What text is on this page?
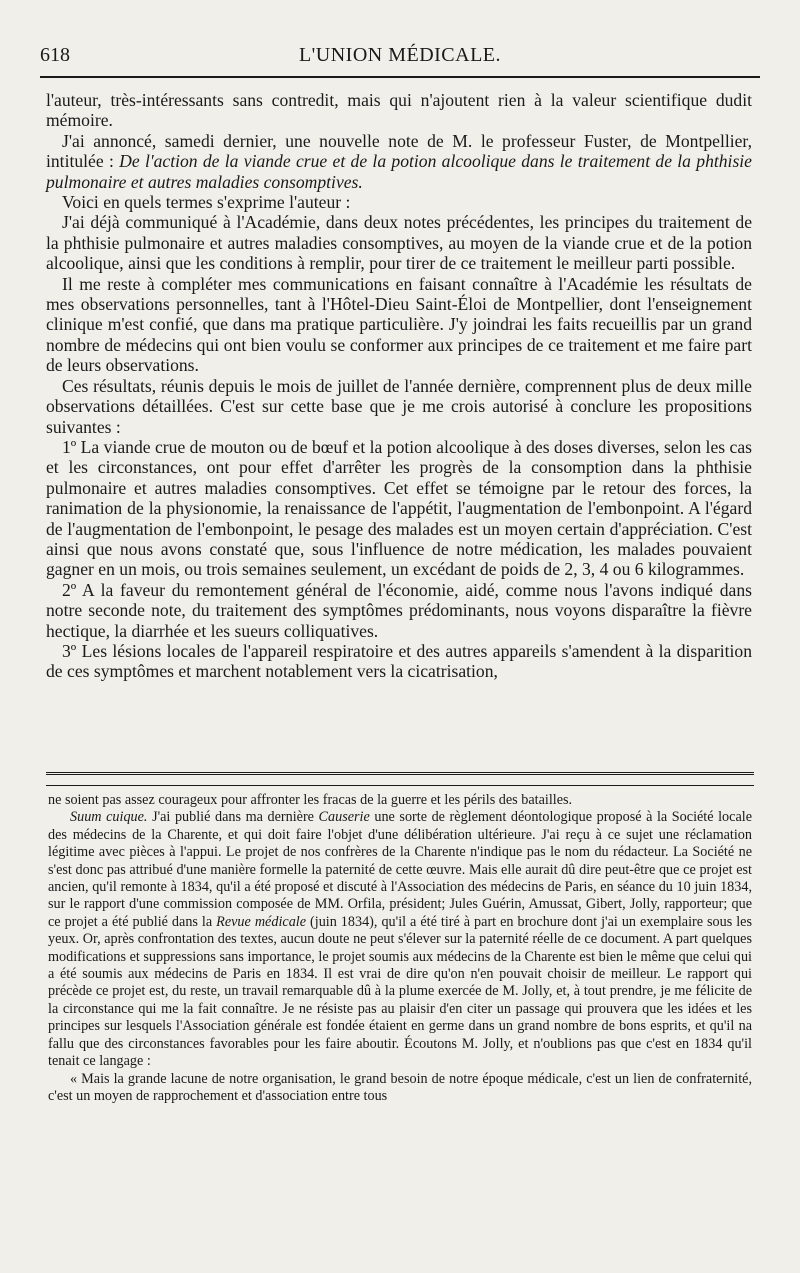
618	L'UNION MÉDICALE.

l'auteur, très-intéressants sans contredit, mais qui n'ajoutent rien à la valeur scientifique dudit mémoire.

J'ai annoncé, samedi dernier, une nouvelle note de M. le professeur Fuster, de Montpellier, intitulée : De l'action de la viande crue et de la potion alcoolique dans le traitement de la phthisie pulmonaire et autres maladies consomptives.

Voici en quels termes s'exprime l'auteur :

J'ai déjà communiqué à l'Académie, dans deux notes précédentes, les principes du traitement de la phthisie pulmonaire et autres maladies consomptives, au moyen de la viande crue et de la potion alcoolique, ainsi que les conditions à remplir, pour tirer de ce traitement le meilleur parti possible.

Il me reste à compléter mes communications en faisant connaître à l'Académie les résultats de mes observations personnelles, tant à l'Hôtel-Dieu Saint-Éloi de Montpellier, dont l'enseignement clinique m'est confié, que dans ma pratique particulière. J'y joindrai les faits recueillis par un grand nombre de médecins qui ont bien voulu se conformer aux principes de ce traitement et me faire part de leurs observations.

Ces résultats, réunis depuis le mois de juillet de l'année dernière, comprennent plus de deux mille observations détaillées. C'est sur cette base que je me crois autorisé à conclure les propositions suivantes :

1º La viande crue de mouton ou de bœuf et la potion alcoolique à des doses diverses, selon les cas et les circonstances, ont pour effet d'arrêter les progrès de la consomption dans la phthisie pulmonaire et autres maladies consomptives. Cet effet se témoigne par le retour des forces, la ranimation de la physionomie, la renaissance de l'appétit, l'augmentation de l'embonpoint. A l'égard de l'augmentation de l'embonpoint, le pesage des malades est un moyen certain d'appréciation. C'est ainsi que nous avons constaté que, sous l'influence de notre médication, les malades pouvaient gagner en un mois, ou trois semaines seulement, un excédant de poids de 2, 3, 4 ou 6 kilogrammes.

2º A la faveur du remontement général de l'économie, aidé, comme nous l'avons indiqué dans notre seconde note, du traitement des symptômes prédominants, nous voyons disparaître la fièvre hectique, la diarrhée et les sueurs colliquatives.

3º Les lésions locales de l'appareil respiratoire et des autres appareils s'amendent à la disparition de ces symptômes et marchent notablement vers la cicatrisation,

ne soient pas assez courageux pour affronter les fracas de la guerre et les périls des batailles.

Suum cuique. J'ai publié dans ma dernière Causerie une sorte de règlement déontologique proposé à la Société locale des médecins de la Charente, et qui doit faire l'objet d'une délibération ultérieure. J'ai reçu à ce sujet une réclamation légitime avec pièces à l'appui. Le projet de nos confrères de la Charente n'indique pas le nom du rédacteur. La Société ne s'est donc pas attribué d'une manière formelle la paternité de cette œuvre. Mais elle aurait dû dire peut-être que ce projet est ancien, qu'il remonte à 1834, qu'il a été proposé et discuté à l'Association des médecins de Paris, en séance du 10 juin 1834, sur le rapport d'une commission composée de MM. Orfila, président; Jules Guérin, Amussat, Gibert, Jolly, rapporteur; que ce projet a été publié dans la Revue médicale (juin 1834), qu'il a été tiré à part en brochure dont j'ai un exemplaire sous les yeux. Or, après confrontation des textes, aucun doute ne peut s'élever sur la paternité réelle de ce document. A part quelques modifications et suppressions sans importance, le projet soumis aux médecins de la Charente est bien le même que celui qui a été soumis aux médecins de Paris en 1834. Il est vrai de dire qu'on n'en pouvait choisir de meilleur. Le rapport qui précède ce projet est, du reste, un travail remarquable dû à la plume exercée de M. Jolly, et, à tout prendre, je me félicite de la circonstance qui me la fait connaître. Je ne résiste pas au plaisir d'en citer un passage qui prouvera que les idées et les principes sur lesquels l'Association générale est fondée étaient en germe dans un grand nombre de bons esprits, et qu'il na fallu que des circonstances favorables pour les faire aboutir. Écoutons M. Jolly, et n'oublions pas que c'est en 1834 qu'il tenait ce langage :

« Mais la grande lacune de notre organisation, le grand besoin de notre époque médicale, c'est un lien de confraternité, c'est un moyen de rapprochement et d'association entre tous
